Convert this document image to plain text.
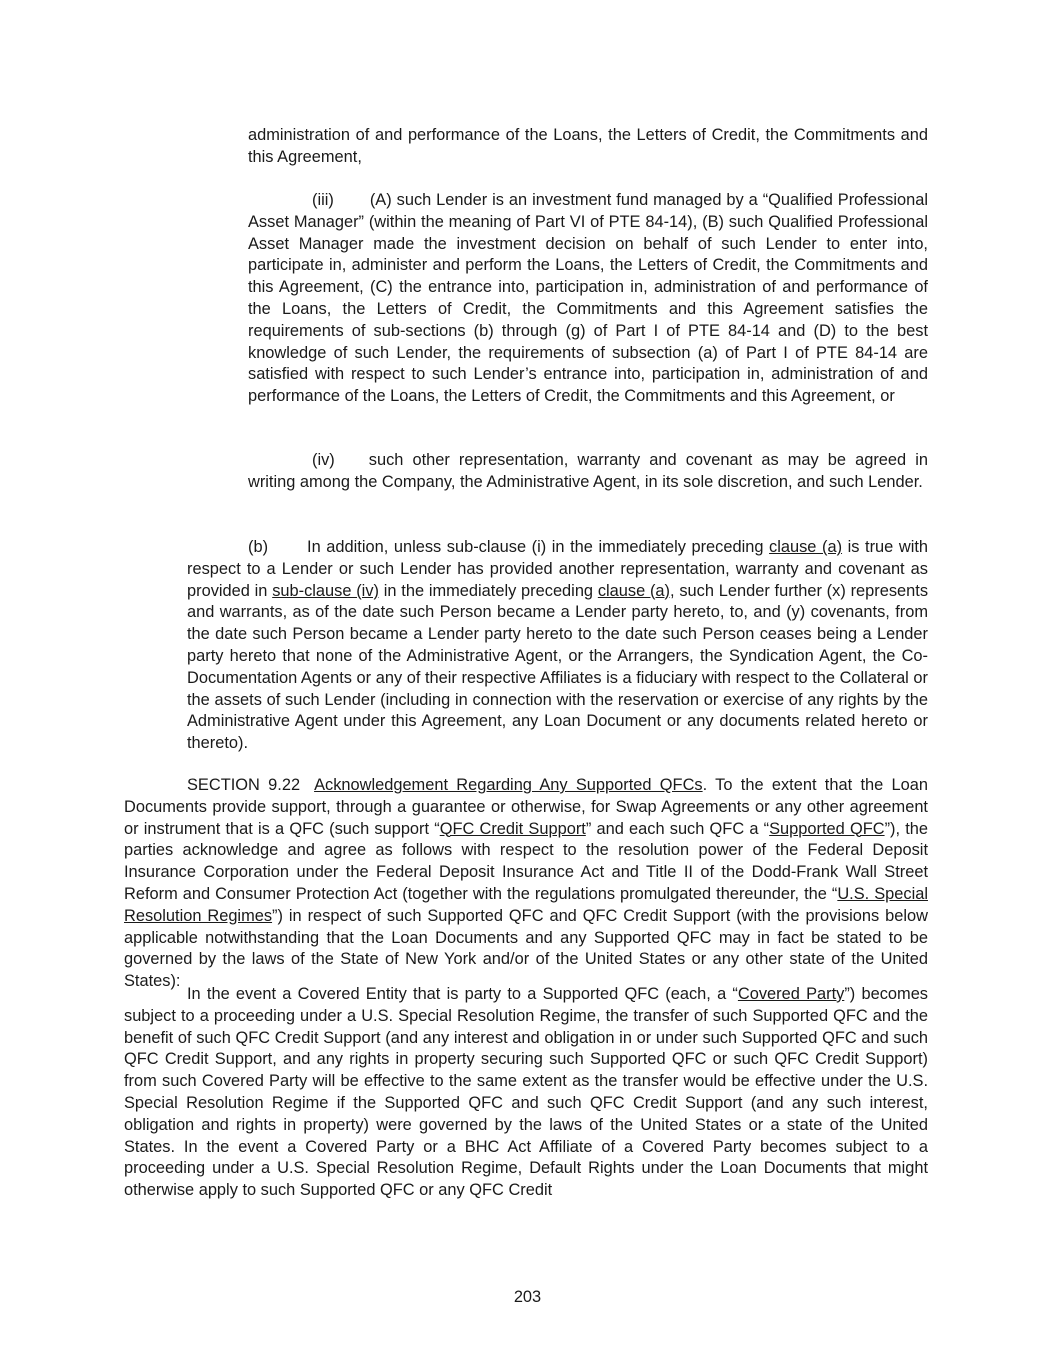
administration of and performance of the Loans, the Letters of Credit, the Commitments and this Agreement,

(iii) (A) such Lender is an investment fund managed by a “Qualified Professional Asset Manager” (within the meaning of Part VI of PTE 84-14), (B) such Qualified Professional Asset Manager made the investment decision on behalf of such Lender to enter into, participate in, administer and perform the Loans, the Letters of Credit, the Commitments and this Agreement, (C) the entrance into, participation in, administration of and performance of the Loans, the Letters of Credit, the Commitments and this Agreement satisfies the requirements of sub-sections (b) through (g) of Part I of PTE 84-14 and (D) to the best knowledge of such Lender, the requirements of subsection (a) of Part I of PTE 84-14 are satisfied with respect to such Lender’s entrance into, participation in, administration of and performance of the Loans, the Letters of Credit, the Commitments and this Agreement, or

(iv) such other representation, warranty and covenant as may be agreed in writing among the Company, the Administrative Agent, in its sole discretion, and such Lender.

(b) In addition, unless sub-clause (i) in the immediately preceding clause (a) is true with respect to a Lender or such Lender has provided another representation, warranty and covenant as provided in sub-clause (iv) in the immediately preceding clause (a), such Lender further (x) represents and warrants, as of the date such Person became a Lender party hereto, to, and (y) covenants, from the date such Person became a Lender party hereto to the date such Person ceases being a Lender party hereto that none of the Administrative Agent, or the Arrangers, the Syndication Agent, the Co-Documentation Agents or any of their respective Affiliates is a fiduciary with respect to the Collateral or the assets of such Lender (including in connection with the reservation or exercise of any rights by the Administrative Agent under this Agreement, any Loan Document or any documents related hereto or thereto).

SECTION 9.22 Acknowledgement Regarding Any Supported QFCs. To the extent that the Loan Documents provide support, through a guarantee or otherwise, for Swap Agreements or any other agreement or instrument that is a QFC (such support “QFC Credit Support” and each such QFC a “Supported QFC”), the parties acknowledge and agree as follows with respect to the resolution power of the Federal Deposit Insurance Corporation under the Federal Deposit Insurance Act and Title II of the Dodd-Frank Wall Street Reform and Consumer Protection Act (together with the regulations promulgated thereunder, the “U.S. Special Resolution Regimes”) in respect of such Supported QFC and QFC Credit Support (with the provisions below applicable notwithstanding that the Loan Documents and any Supported QFC may in fact be stated to be governed by the laws of the State of New York and/or of the United States or any other state of the United States):

In the event a Covered Entity that is party to a Supported QFC (each, a “Covered Party”) becomes subject to a proceeding under a U.S. Special Resolution Regime, the transfer of such Supported QFC and the benefit of such QFC Credit Support (and any interest and obligation in or under such Supported QFC and such QFC Credit Support, and any rights in property securing such Supported QFC or such QFC Credit Support) from such Covered Party will be effective to the same extent as the transfer would be effective under the U.S. Special Resolution Regime if the Supported QFC and such QFC Credit Support (and any such interest, obligation and rights in property) were governed by the laws of the United States or a state of the United States. In the event a Covered Party or a BHC Act Affiliate of a Covered Party becomes subject to a proceeding under a U.S. Special Resolution Regime, Default Rights under the Loan Documents that might otherwise apply to such Supported QFC or any QFC Credit

203
